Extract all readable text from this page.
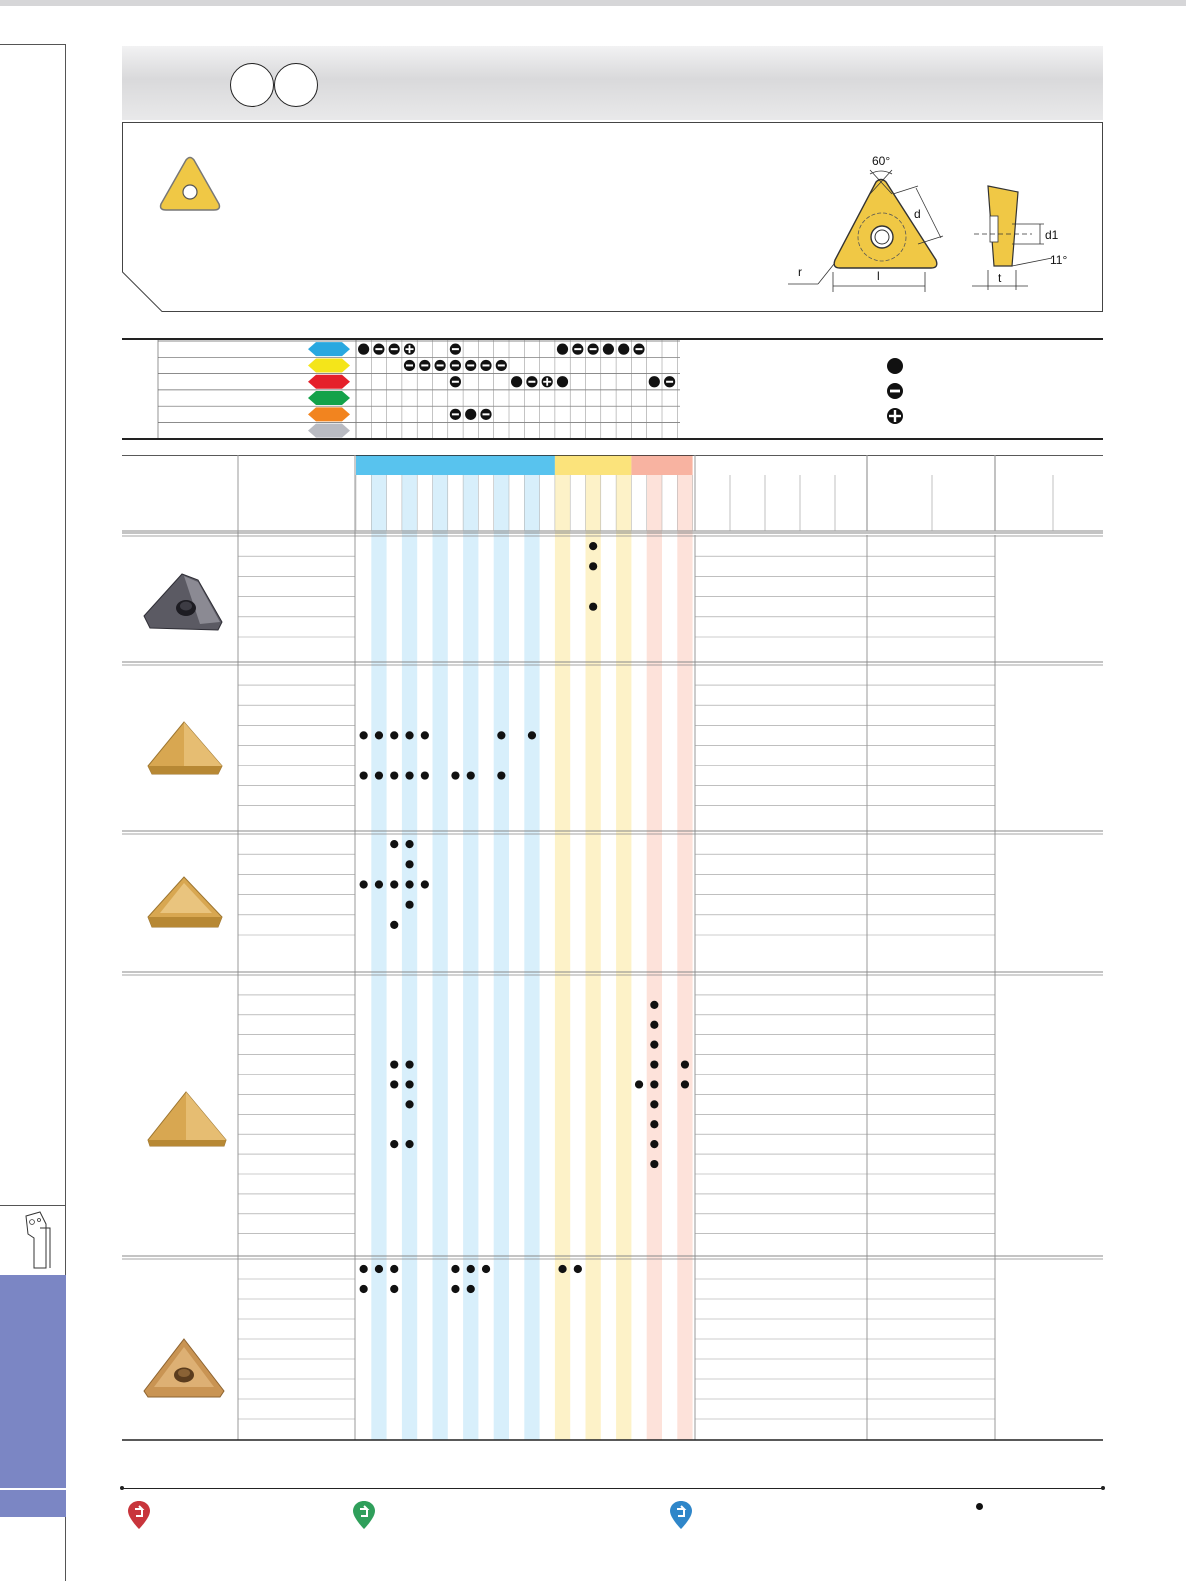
60°
d
l
r
d1
11°
t
